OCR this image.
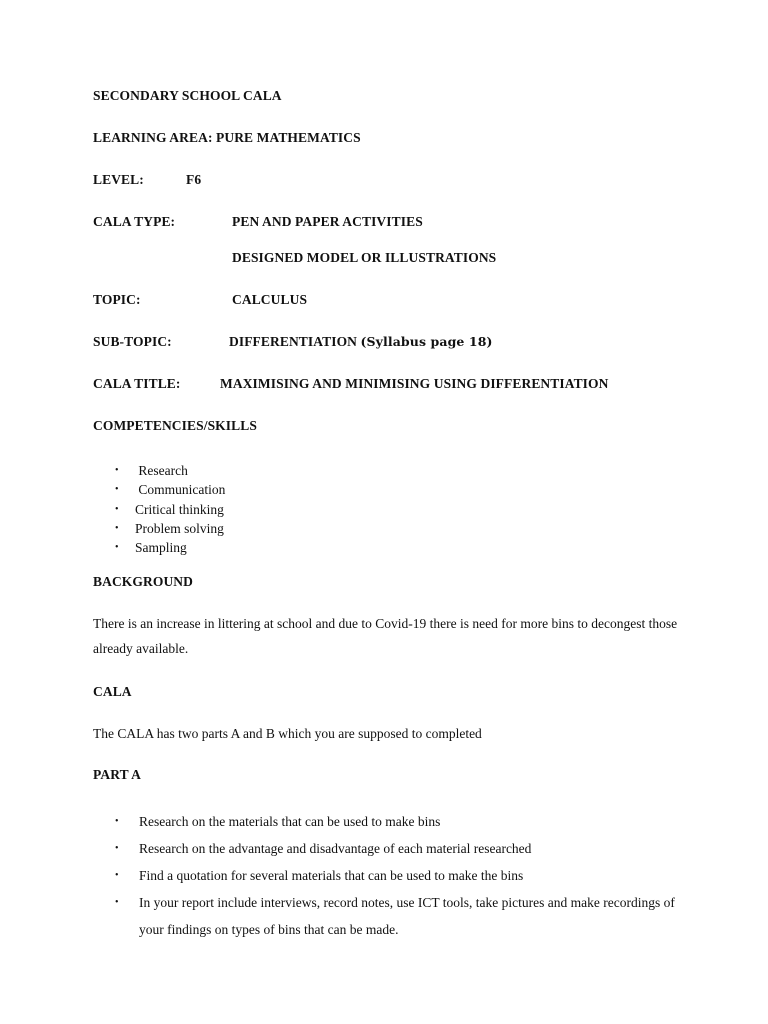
SECONDARY SCHOOL CALA
LEARNING AREA: PURE MATHEMATICS
LEVEL:	F6
CALA TYPE:	PEN AND PAPER ACTIVITIES
DESIGNED MODEL OR ILLUSTRATIONS
TOPIC:	CALCULUS
SUB-TOPIC:	DIFFERENTIATION (Syllabus page 18)
CALA TITLE:	MAXIMISING AND MINIMISING USING DIFFERENTIATION
COMPETENCIES/SKILLS
• Research
• Communication
• Critical thinking
• Problem solving
• Sampling
BACKGROUND
There is an increase in littering at school and due to Covid-19 there is need for more bins to decongest those already available.
CALA
The CALA has two parts A and B which you are supposed to completed
PART A
• Research on the materials that can be used to make bins
• Research on the advantage and disadvantage of each material researched
• Find a quotation for several materials that can be used to make the bins
• In your report include interviews, record notes, use ICT tools, take pictures and make recordings of your findings on types of bins that can be made.
